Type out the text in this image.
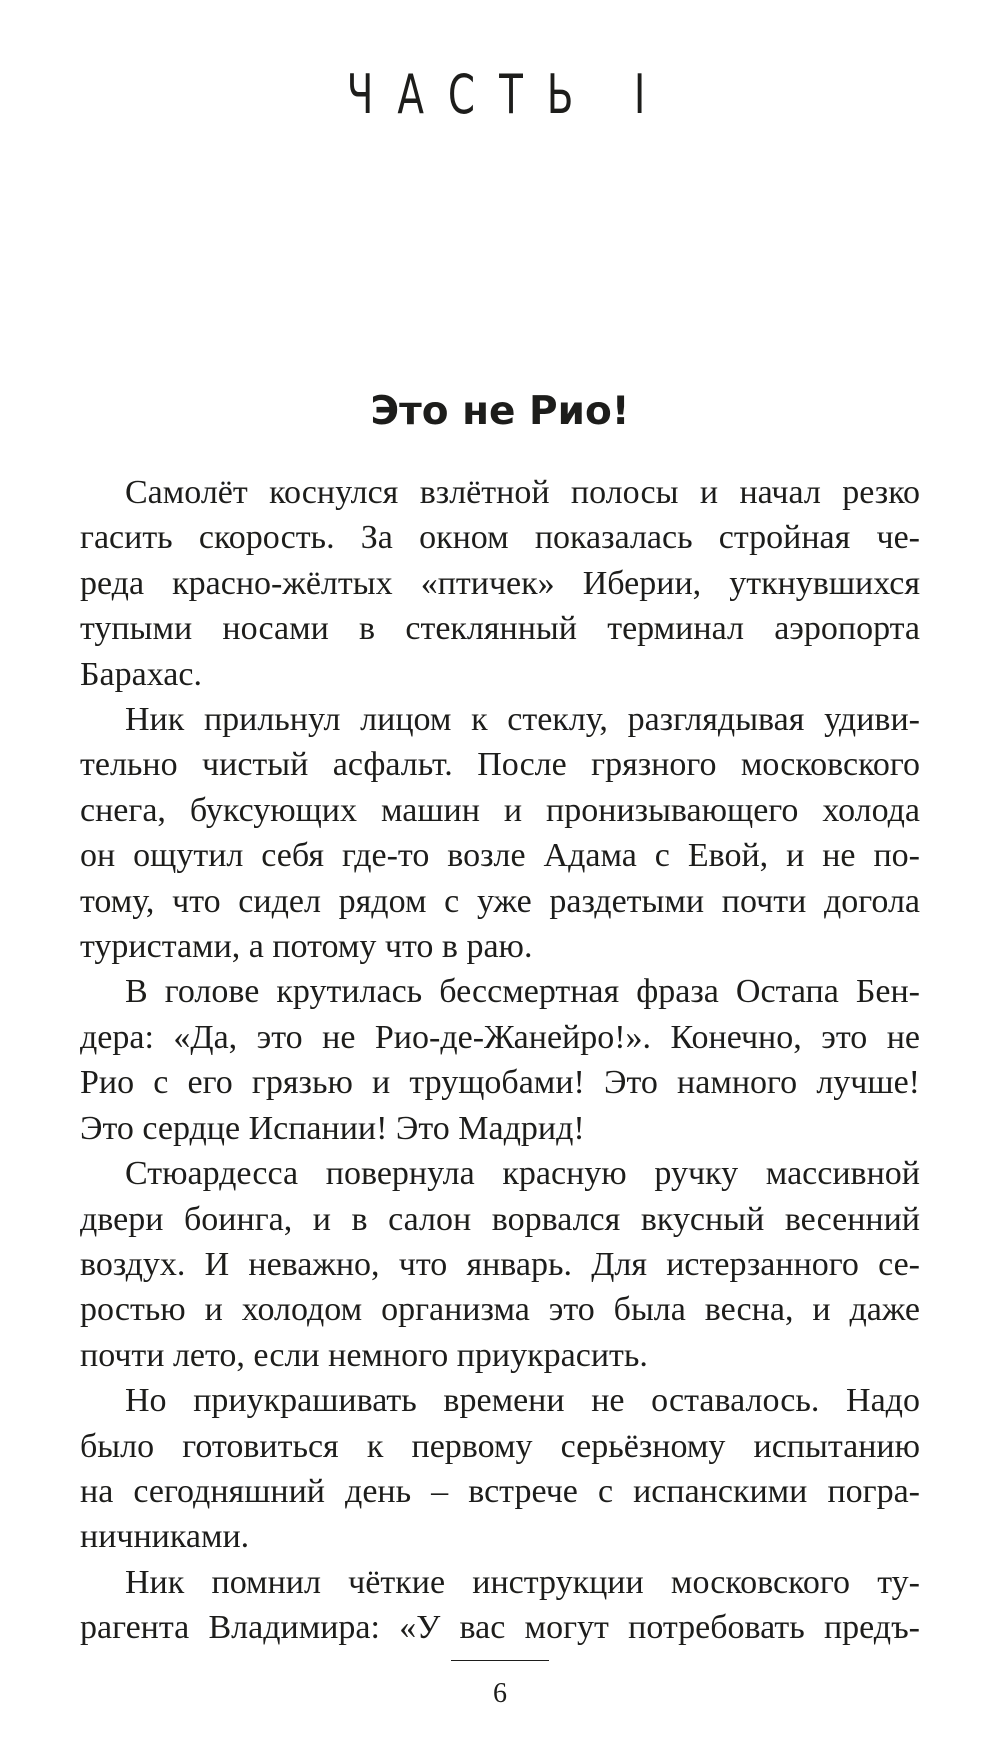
ЧАСТЬ I
Это не Рио!

Самолёт коснулся взлётной полосы и начал резко
гасить скорость. За окном показалась стройная че-
реда красно-жёлтых «птичек» Иберии, уткнувшихся
тупыми носами в стеклянный терминал аэропорта
Барахас.

Ник прильнул лицом к стеклу, разглядывая удиви-
тельно чистый асфальт. После грязного московского
снега, буксующих машин и пронизывающего холода
он ощутил себя где-то возле Адама с Евой, и не по-
тому, что сидел рядом с уже раздетыми почти догола
туристами, а потому что в раю.

В голове крутилась бессмертная фраза Остапа Бен-
дера: «Да, это не Рио-де-Жанейро!». Конечно, это не
Рио с его грязью и трущобами! Это намного лучше!
Это сердце Испании! Это Мадрид!

Стюардесса повернула красную ручку массивной
двери боинга, и в салон ворвался вкусный весенний
воздух. И неважно, что январь. Для истерзанного се-
ростью и холодом организма это была весна, и даже
почти лето, если немного приукрасить.

Но приукрашивать времени не оставалось. Надо
было готовиться к первому серьёзному испытанию
на сегодняшний день – встрече с испанскими погра-
ничниками.

Ник помнил чёткие инструкции московского ту-
рагента Владимира: «У вас могут потребовать предъ-

6
